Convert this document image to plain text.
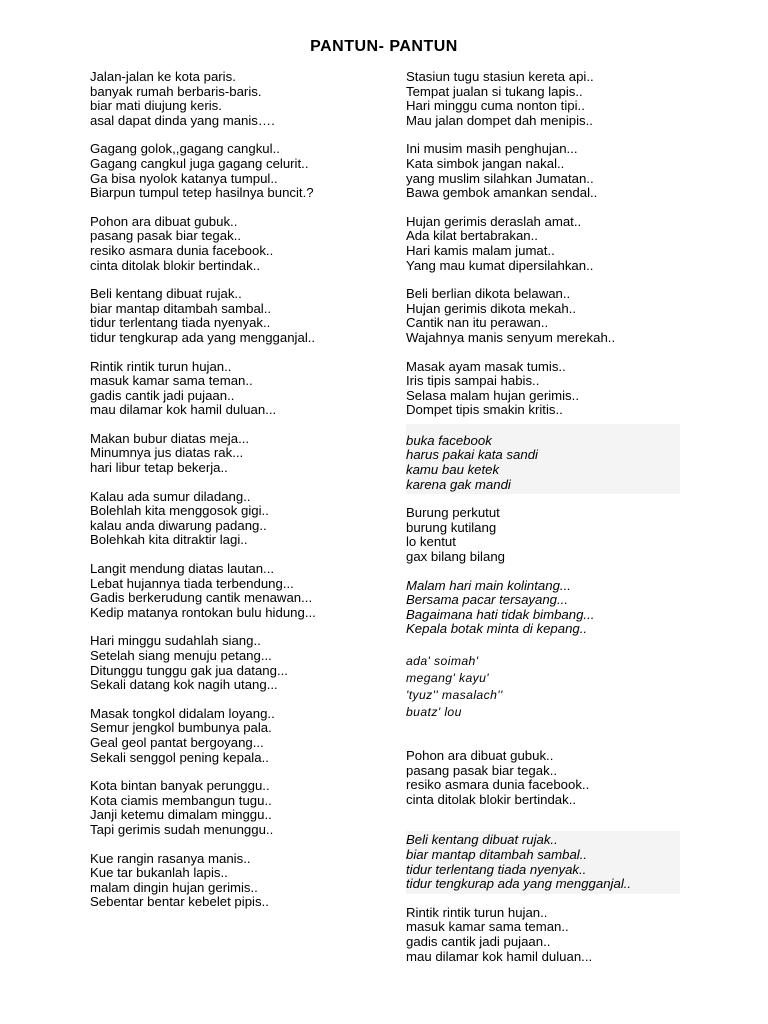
PANTUN- PANTUN
Jalan-jalan ke kota paris.
banyak rumah berbaris-baris.
biar mati diujung keris.
asal dapat dinda yang manis….
Gagang golok,,gagang cangkul..
Gagang cangkul juga gagang celurit..
Ga bisa nyolok katanya tumpul..
Biarpun tumpul tetep hasilnya buncit.?
Pohon ara dibuat gubuk..
pasang pasak biar tegak..
resiko asmara dunia facebook..
cinta ditolak blokir bertindak..
Beli kentang dibuat rujak..
biar mantap ditambah sambal..
tidur terlentang tiada nyenyak..
tidur tengkurap ada yang mengganjal..
Rintik rintik turun hujan..
masuk kamar sama teman..
gadis cantik jadi pujaan..
mau dilamar kok hamil duluan...
Makan bubur diatas meja...
Minumnya jus diatas rak...
hari libur tetap bekerja..
Kalau ada sumur diladang..
Bolehlah kita menggosok gigi..
kalau anda diwarung padang..
Bolehkah kita ditraktir lagi..
Langit mendung diatas lautan...
Lebat hujannya tiada terbendung...
Gadis berkerudung cantik menawan...
Kedip matanya rontokan bulu hidung...
Hari minggu sudahlah siang..
Setelah siang menuju petang...
Ditunggu tunggu gak jua datang...
Sekali datang kok nagih utang...
Masak tongkol didalam loyang..
Semur jengkol bumbunya pala.
Geal geol pantat bergoyang...
Sekali senggol pening kepala..
Kota bintan banyak perunggu..
Kota ciamis membangun tugu..
Janji ketemu dimalam minggu..
Tapi gerimis sudah menunggu..
Kue rangin rasanya manis..
Kue tar bukanlah lapis..
malam dingin hujan gerimis..
Sebentar bentar kebelet pipis..
Stasiun tugu stasiun kereta api..
Tempat jualan si tukang lapis..
Hari minggu cuma nonton tipi..
Mau jalan dompet dah menipis..
Ini musim masih penghujan...
Kata simbok jangan nakal..
yang muslim silahkan Jumatan..
Bawa gembok amankan sendal..
Hujan gerimis deraslah amat..
Ada kilat bertabrakan..
Hari kamis malam jumat..
Yang mau kumat dipersilahkan..
Beli berlian dikota belawan..
Hujan gerimis dikota mekah..
Cantik nan itu perawan..
Wajahnya manis senyum merekah..
Masak ayam masak tumis..
Iris tipis sampai habis..
Selasa malam hujan gerimis..
Dompet tipis smakin kritis..
buka facebook
harus pakai kata sandi
kamu bau ketek
karena gak mandi
Burung perkutut
burung kutilang
lo kentut
gax bilang bilang
Malam hari main kolintang...
Bersama pacar tersayang...
Bagaimana hati tidak bimbang...
Kepala botak minta di kepang..
ada' soimah'
megang' kayu'
'tyuz'' masalach''
buatz' lou
Pohon ara dibuat gubuk..
pasang pasak biar tegak..
resiko asmara dunia facebook..
cinta ditolak blokir bertindak..
Beli kentang dibuat rujak..
biar mantap ditambah sambal..
tidur terlentang tiada nyenyak..
tidur tengkurap ada yang mengganjal..
Rintik rintik turun hujan..
masuk kamar sama teman..
gadis cantik jadi pujaan..
mau dilamar kok hamil duluan...
